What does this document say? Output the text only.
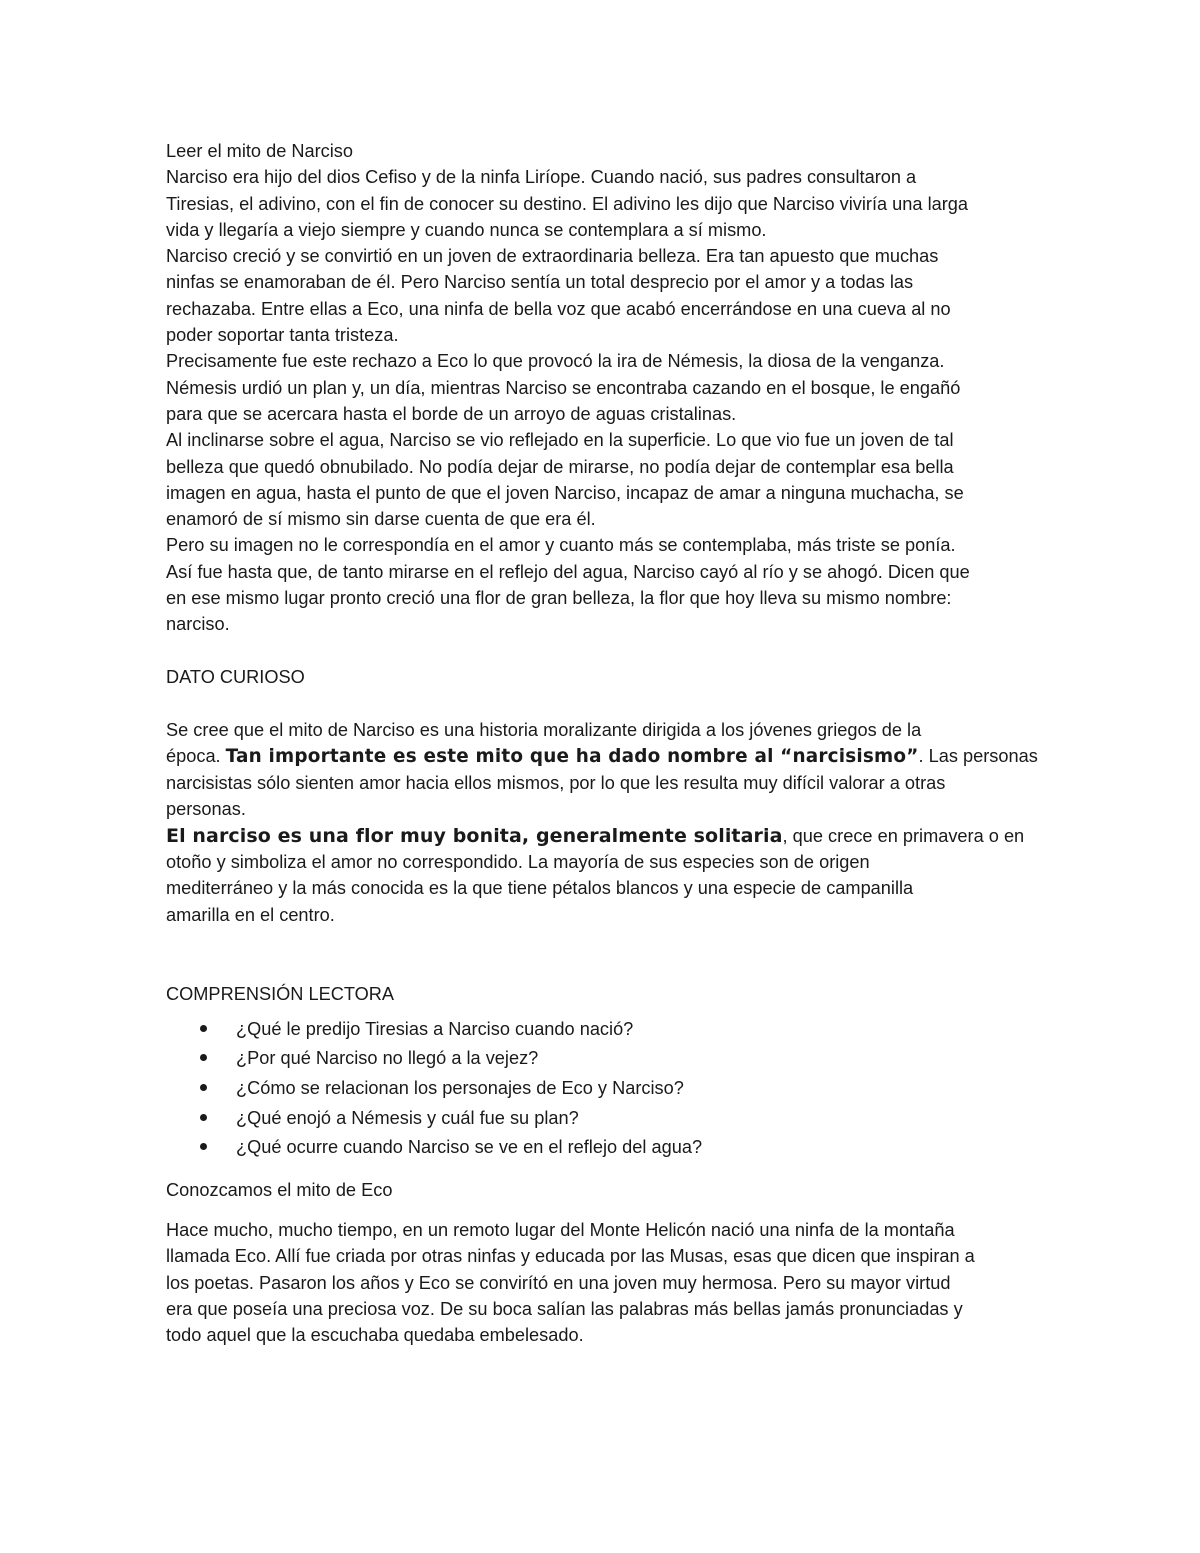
Leer el mito de Narciso
Narciso era hijo del dios Cefiso y de la ninfa Liríope. Cuando nació, sus padres consultaron a
Tiresias, el adivino, con el fin de conocer su destino. El adivino les dijo que Narciso viviría una larga
vida y llegaría a viejo siempre y cuando nunca se contemplara a sí mismo.
Narciso creció y se convirtió en un joven de extraordinaria belleza. Era tan apuesto que muchas
ninfas se enamoraban de él. Pero Narciso sentía un total desprecio por el amor y a todas las
rechazaba. Entre ellas a Eco, una ninfa de bella voz que acabó encerrándose en una cueva al no
poder soportar tanta tristeza.
Precisamente fue este rechazo a Eco lo que provocó la ira de Némesis, la diosa de la venganza.
Némesis urdió un plan y, un día, mientras Narciso se encontraba cazando en el bosque, le engañó
para que se acercara hasta el borde de un arroyo de aguas cristalinas.
Al inclinarse sobre el agua, Narciso se vio reflejado en la superficie. Lo que vio fue un joven de tal
belleza que quedó obnubilado. No podía dejar de mirarse, no podía dejar de contemplar esa bella
imagen en agua, hasta el punto de que el joven Narciso, incapaz de amar a ninguna muchacha, se
enamoró de sí mismo sin darse cuenta de que era él.
Pero su imagen no le correspondía en el amor y cuanto más se contemplaba, más triste se ponía.
Así fue hasta que, de tanto mirarse en el reflejo del agua, Narciso cayó al río y se ahogó. Dicen que
en ese mismo lugar pronto creció una flor de gran belleza, la flor que hoy lleva su mismo nombre:
narciso.
DATO CURIOSO
Se cree que el mito de Narciso es una historia moralizante dirigida a los jóvenes griegos de la
época. Tan importante es este mito que ha dado nombre al “narcisismo”. Las personas
narcisistas sólo sienten amor hacia ellos mismos, por lo que les resulta muy difícil valorar a otras
personas.
El narciso es una flor muy bonita, generalmente solitaria, que crece en primavera o en
otoño y simboliza el amor no correspondido. La mayoría de sus especies son de origen
mediterráneo y la más conocida es la que tiene pétalos blancos y una especie de campanilla
amarilla en el centro.
COMPRENSIÓN LECTORA
¿Qué le predijo Tiresias a Narciso cuando nació?
¿Por qué Narciso no llegó a la vejez?
¿Cómo se relacionan los personajes de Eco y Narciso?
¿Qué enojó a Némesis y cuál fue su plan?
¿Qué ocurre cuando Narciso se ve en el reflejo del agua?
Conozcamos el mito de Eco
Hace mucho, mucho tiempo, en un remoto lugar del Monte Helicón nació una ninfa de la montaña
llamada Eco. Allí fue criada por otras ninfas y educada por las Musas, esas que dicen que inspiran a
los poetas. Pasaron los años y Eco se convirító en una joven muy hermosa. Pero su mayor virtud
era que poseía una preciosa voz. De su boca salían las palabras más bellas jamás pronunciadas y
todo aquel que la escuchaba quedaba embelesado.
